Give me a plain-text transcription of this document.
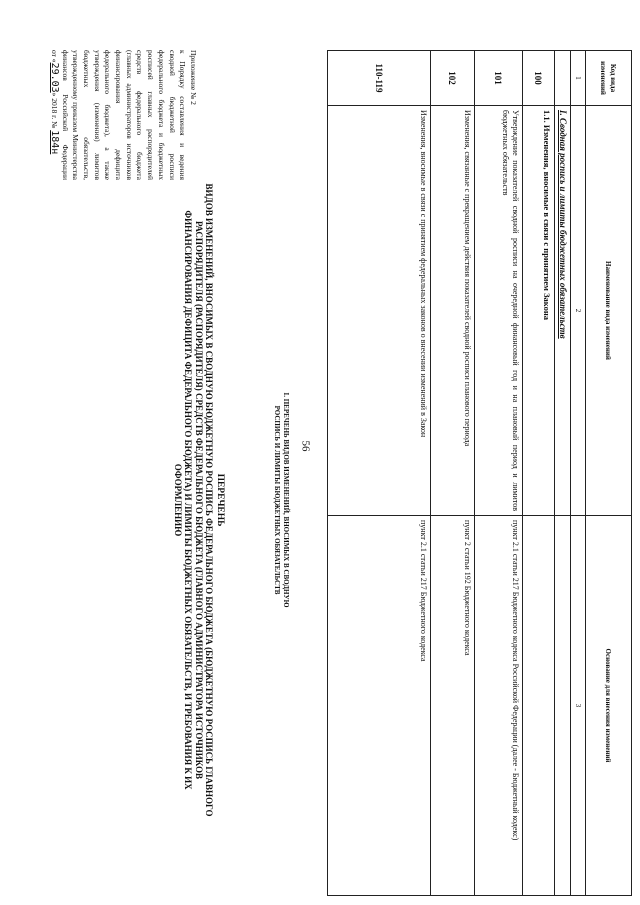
56
Приложение № 2
к Порядку составления и ведения сводной бюджетной росписи федерального бюджета и бюджетных росписей главных распорядителей средств федерального бюджета (главных администраторов источников финансирования дефицита федерального бюджета), а также утверждения (изменения) лимитов бюджетных обязательств, утвержденному приказом Министерства финансов Российской Федерации от «29.03» 2018 г. № 184н
ПЕРЕЧЕНЬ
ВИДОВ ИЗМЕНЕНИЙ, ВНОСИМЫХ В СВОДНУЮ БЮДЖЕТНУЮ РОСПИСЬ ФЕДЕРАЛЬНОГО БЮДЖЕТА (БЮДЖЕТНУЮ РОСПИСЬ ГЛАВНОГО РАСПОРЯДИТЕЛЯ (РАСПОРЯДИТЕЛЯ) СРЕДСТВ ФЕДЕРАЛЬНОГО БЮДЖЕТА (ГЛАВНОГО АДМИНИСТРАТОРА ИСТОЧНИКОВ ФИНАНСИРОВАНИЯ ДЕФИЦИТА ФЕДЕРАЛЬНОГО БЮДЖЕТА) И ЛИМИТЫ БЮДЖЕТНЫХ ОБЯЗАТЕЛЬСТВ, И ТРЕБОВАНИЯ К ИХ ОФОРМЛЕНИЮ	I. ПЕРЕЧЕНЬ ВИДОВ ИЗМЕНЕНИЙ, ВНОСИМЫХ В СВОДНУЮ РОСПИСЬ И ЛИМИТЫ БЮДЖЕТНЫХ ОБЯЗАТЕЛЬСТВ
Код вида изменений	Наименование вида изменений	Основание для внесения изменений
1	2	3
	I. Сводная роспись и лимиты бюджетных обязательств	
100	1.1. Изменения, вносимые в связи с принятием Закона	
101	Утверждение показателей сводной росписи на очередной финансовый год и на плановый период и лимитов бюджетных обязательств	пункт 2.1 статьи 217 Бюджетного кодекса Российской Федерации (далее - Бюджетный кодекс)
102	Изменения, связанные с прекращением действия показателей сводной росписи планового периода	пункт 2 статьи 192 Бюджетного кодекса
110-119	Изменения, вносимые в связи с принятием федеральных законов о внесении изменений в Закон	пункт 2.1 статьи 217 Бюджетного кодекса
